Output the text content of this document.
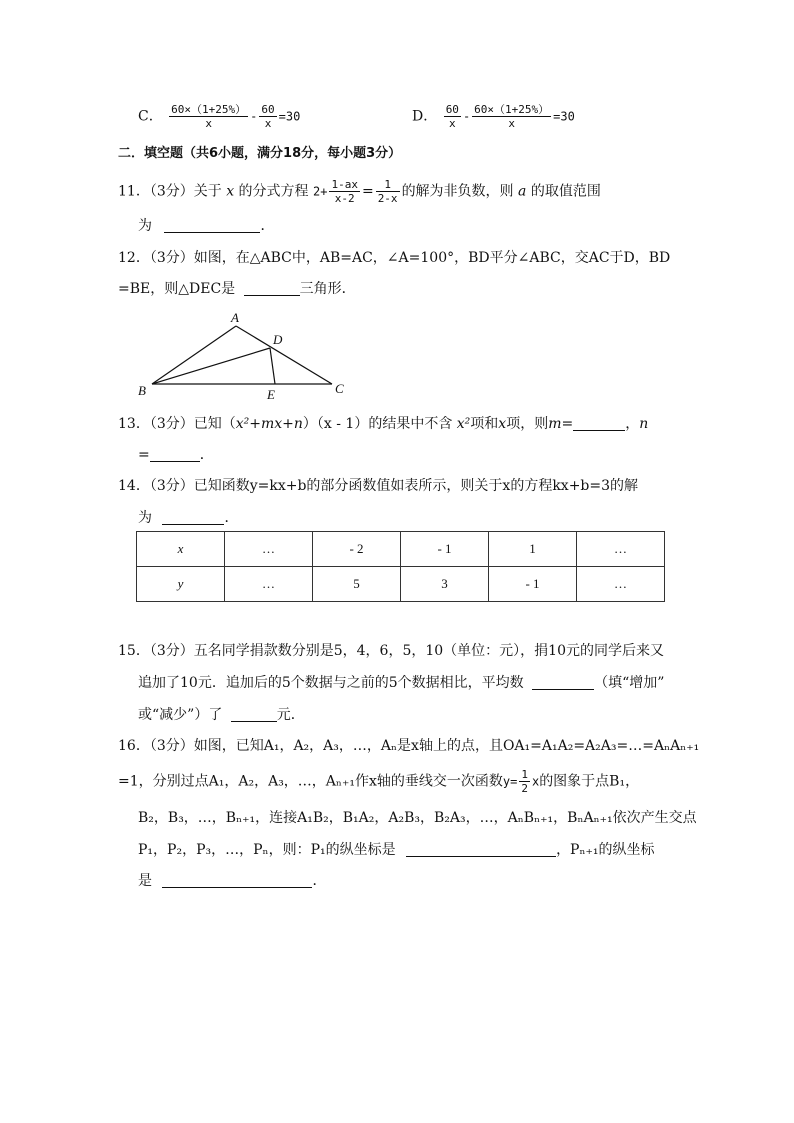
C． $\frac{60\times(1+25\%)}{x} - \frac{60}{x} =30$	D． $\frac{60}{x} - \frac{60\times(1+25\%)}{x} =30$
二．填空题（共6小题，满分18分，每小题3分）
11．（3分）关于 x 的分式方程 $2+ \frac{1-ax}{x-2} = \frac{1}{2-x}$ 的解为非负数，则 a 的取值范围
为	．
12．（3分）如图，在△ABC中，AB=AC，∠A=100°，BD平分∠ABC，交AC于D，BD
=BE，则△DEC是	三角形．
A
B	C
D
E
13．（3分）已知（x²+mx+n）（x - 1）的结果中不含 x²项和x项，则m=	，n
=	．
14．（3分）已知函数y=kx+b的部分函数值如表所示，则关于x的方程kx+b=3的解
为	．
x	…	- 2	- 1	1	…
y	…	5	3	- 1	…
15．（3分）五名同学捐款数分别是5，4，6，5，10（单位：元），捐10元的同学后来又
追加了10元．追加后的5个数据与之前的5个数据相比，平均数	（填“增加”
或“减少”）了	元．
16．（3分）如图，已知A₁，A₂，A₃，…，Aₙ是x轴上的点，且OA₁=A₁A₂=A₂A₃=…=AₙAₙ₊₁
=1，分别过点A₁，A₂，A₃，…，Aₙ₊₁作x轴的垂线交一次函数$y= \frac{1}{2}$ x的图象于点B₁，
B₂，B₃，…，Bₙ₊₁，连接A₁B₂，B₁A₂，A₂B₃，B₂A₃，…，AₙBₙ₊₁，BₙAₙ₊₁依次产生交点
P₁，P₂，P₃，…，Pₙ，则：P₁的纵坐标是	，Pₙ₊₁的纵坐标
是	．
